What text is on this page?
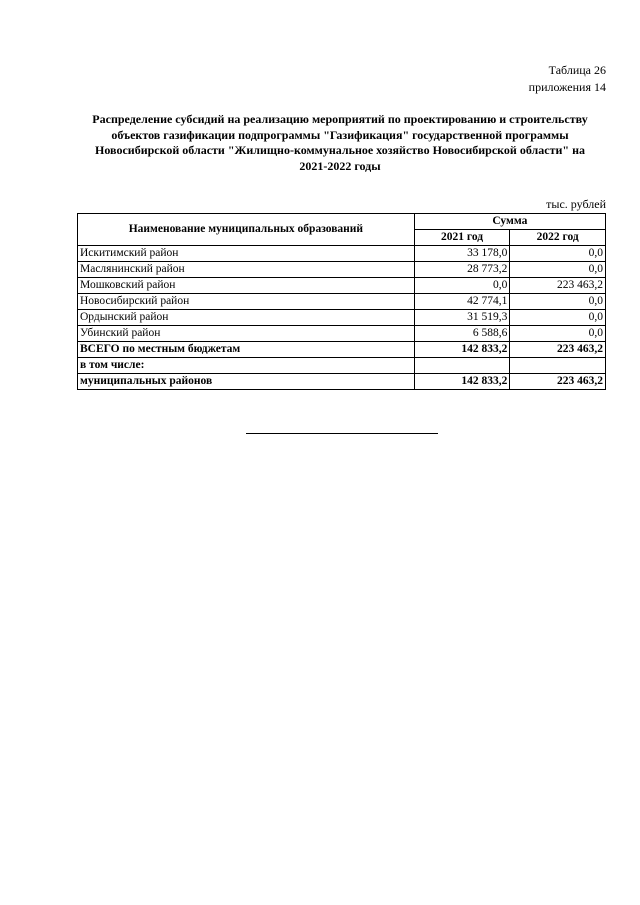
Таблица 26
приложения 14
Распределение субсидий на реализацию мероприятий по проектированию и строительству
объектов газификации подпрограммы "Газификация" государственной программы
Новосибирской области "Жилищно-коммунальное хозяйство Новосибирской области" на
2021-2022 годы
тыс. рублей
Наименование муниципальных образований	Сумма	
	2021 год	2022 год
Искитимский район	33 178,0	0,0
Маслянинский район	28 773,2	0,0
Мошковский район	0,0	223 463,2
Новосибирский район	42 774,1	0,0
Ордынский район	31 519,3	0,0
Убинский район	6 588,6	0,0
ВСЕГО по местным бюджетам	142 833,2	223 463,2
в том числе:		
муниципальных районов	142 833,2	223 463,2
